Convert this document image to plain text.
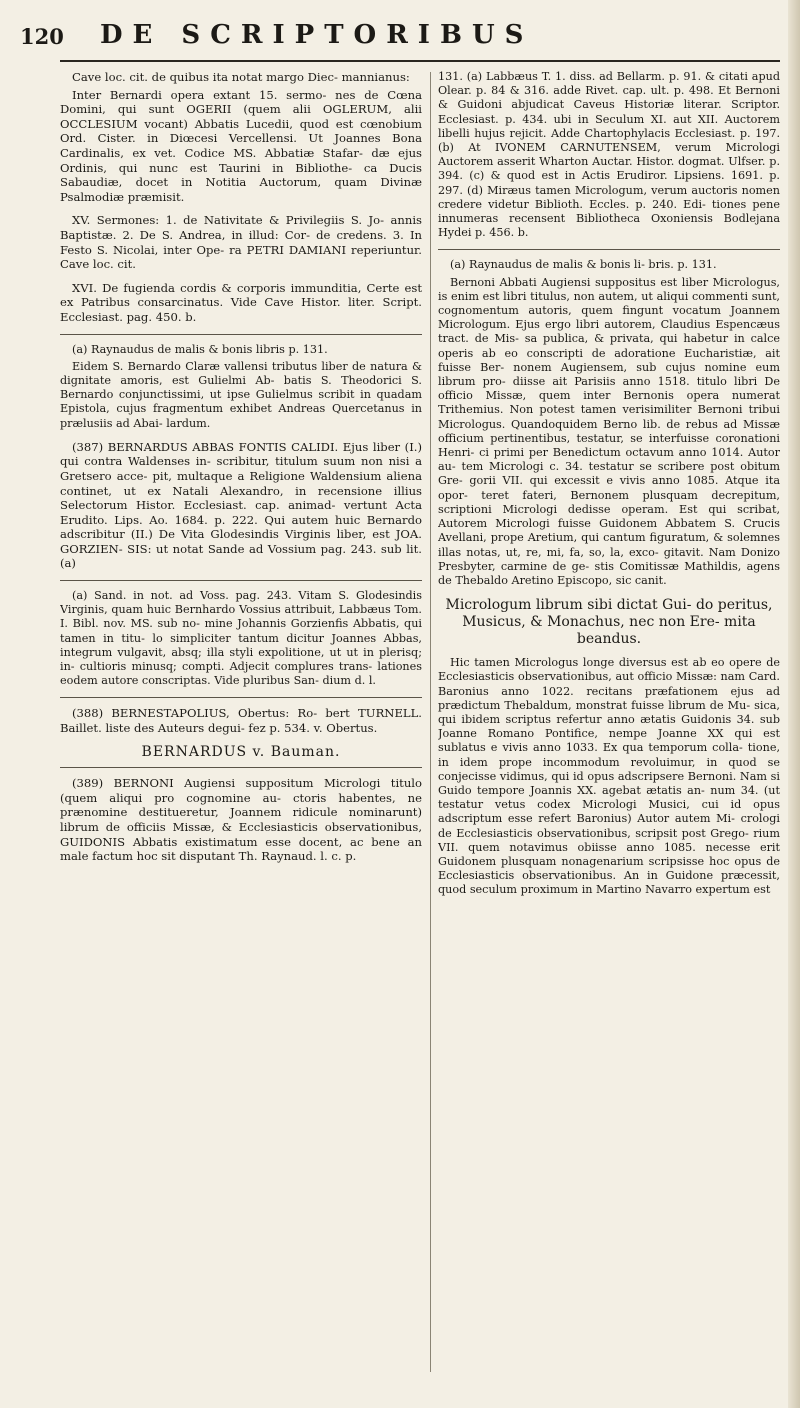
120	DE SCRIPTORIBUS

Cave loc. cit. de quibus ita notat margo Diec- mannianus:

Inter Bernardi opera extant 15. sermo- nes de Cœna Domini, qui sunt OGERII (quem alii OGLERUM, alii OCCLESIUM vocant) Abbatis Lucedii, quod est cœnobium Ord. Cister. in Diœcesi Vercellensi. Ut Joannes Bona Cardinalis, ex vet. Codice MS. Abbatiæ Stafar- dæ ejus Ordinis, qui nunc est Taurini in Bibliothe- ca Ducis Sabaudiæ, docet in Notitia Auctorum, quam Divinæ Psalmodiæ præmisit.

XV. Sermones: 1. de Nativitate & Privilegiis S. Jo- annis Baptistæ. 2. De S. Andrea, in illud: Cor- de credens. 3. In Festo S. Nicolai, inter Ope- ra PETRI DAMIANI reperiuntur. Cave loc. cit.

XVI. De fugienda cordis & corporis immunditia, Certe est ex Patribus consarcinatus. Vide Cave Histor. liter. Script. Ecclesiast. pag. 450. b.

(a) Raynaudus de malis & bonis libris p. 131.

Eidem S. Bernardo Claræ vallensi tributus liber de natura & dignitate amoris, est Gulielmi Ab- batis S. Theodorici S. Bernardo conjunctissimi, ut ipse Gulielmus scribit in quadam Epistola, cujus fragmentum exhibet Andreas Quercetanus in prælusiis ad Abai- lardum.

(387) BERNARDUS ABBAS FONTIS CALIDI. Ejus liber (I.) qui contra Waldenses in- scribitur, titulum suum non nisi a Gretsero acce- pit, multaque a Religione Waldensium aliena continet, ut ex Natali Alexandro, in recensione illius Selectorum Histor. Ecclesiast. cap. animad- vertunt Acta Erudito. Lips. Ao. 1684. p. 222. Qui autem huic Bernardo adscribitur (II.) De Vita Glodesindis Virginis liber, est JOA. GORZIEN- SIS: ut notat Sande ad Vossium pag. 243. sub lit. (a)

(a) Sand. in not. ad Voss. pag. 243. Vitam S. Glodesindis Virginis, quam huic Bernhardo Vossius attribuit, Labbæus Tom. I. Bibl. nov. MS. sub no- mine Johannis Gorzienfis Abbatis, qui tamen in titu- lo simpliciter tantum dicitur Joannes Abbas, integrum vulgavit, absq; illa styli expolitione, ut ut in plerisq; in- cultioris minusq; compti. Adjecit complures trans- lationes eodem autore conscriptas. Vide pluribus San- dium d. l.

(388) BERNESTAPOLIUS, Obertus: Ro- bert TURNELL. Baillet. liste des Auteurs degui- fez p. 534. v. Obertus.

BERNARDUS v. Bauman.

(389) BERNONI Augiensi suppositum Micrologi titulo (quem aliqui pro cognomine au- ctoris habentes, ne prænomine destitueretur, Joannem ridicule nominarunt) librum de officiis Missæ, & Ecclesiasticis observationibus, GUIDONIS Abbatis existimatum esse docent, ac bene an male factum hoc sit disputant Th. Raynaud. l. c. p.

131. (a) Labbæus T. 1. diss. ad Bellarm. p. 91. & citati apud Olear. p. 84 & 316. adde Rivet. cap. ult. p. 498. Et Bernoni & Guidoni abjudicat Caveus Historiæ literar. Scriptor. Ecclesiast. p. 434. ubi in Seculum XI. aut XII. Auctorem libelli hujus rejicit. Adde Chartophylacis Ecclesiast. p. 197. (b) At IVONEM CARNUTENSEM, verum Micrologi Auctorem asserit Wharton Auctar. Histor. dogmat. Ulfser. p. 394. (c) & quod est in Actis Erudiror. Lipsiens. 1691. p. 297. (d) Miræus tamen Micrologum, verum auctoris nomen credere videtur Biblioth. Eccles. p. 240. Edi- tiones pene innumeras recensent Bibliotheca Oxoniensis Bodlejana Hydei p. 456. b.

(a) Raynaudus de malis & bonis li- bris. p. 131.

Bernoni Abbati Augiensi suppositus est liber Micrologus, is enim est libri titulus, non autem, ut aliqui commenti sunt, cognomentum autoris, quem fingunt vocatum Joannem Micrologum. Ejus ergo libri autorem, Claudius Espencæus tract. de Mis- sa publica, & privata, qui habetur in calce operis ab eo conscripti de adoratione Eucharistiæ, ait fuisse Ber- nonem Augiensem, sub cujus nomine eum librum pro- diisse ait Parisiis anno 1518. titulo libri De officio Missæ, quem inter Bernonis opera numerat Trithemius. Non potest tamen verisimiliter Bernoni tribui Micrologus. Quandoquidem Berno lib. de rebus ad Missæ officium pertinentibus, testatur, se interfuisse coronationi Henri- ci primi per Benedictum octavum anno 1014. Autor au- tem Micrologi c. 34. testatur se scribere post obitum Gre- gorii VII. qui excessit e vivis anno 1085. Atque ita opor- teret fateri, Bernonem plusquam decrepitum, scriptioni Micrologi dedisse operam. Est qui scribat, Autorem Micrologi fuisse Guidonem Abbatem S. Crucis Avellani, prope Aretium, qui cantum figuratum, & solemnes illas notas, ut, re, mi, fa, so, la, exco- gitavit. Nam Donizo Presbyter, carmine de ge- stis Comitissæ Mathildis, agens de Thebaldo Aretino Episcopo, sic canit.

Micrologum librum sibi dictat Gui- do peritus, Musicus, & Monachus, nec non Ere- mita beandus.

Hic tamen Micrologus longe diversus est ab eo opere de Ecclesiasticis observationibus, aut officio Missæ: nam Card. Baronius anno 1022. recitans præfationem ejus ad prædictum Thebaldum, monstrat fuisse librum de Mu- sica, qui ibidem scriptus refertur anno ætatis Guidonis 34. sub Joanne Romano Pontifice, nempe Joanne XX qui est sublatus e vivis anno 1033. Ex qua temporum colla- tione, in idem prope incommodum revoluimur, in quod se conjecisse vidimus, qui id opus adscripsere Bernoni. Nam si Guido tempore Joannis XX. agebat ætatis an- num 34. (ut testatur vetus codex Micrologi Musici, cui id opus adscriptum esse refert Baronius) Autor autem Mi- crologi de Ecclesiasticis observationibus, scripsit post Grego- rium VII. quem notavimus obiisse anno 1085. necesse erit Guidonem plusquam nonagenarium scripsisse hoc opus de Ecclesiasticis observationibus. An in Guidone præcessit, quod seculum proximum in Martino Navarro expertum est
